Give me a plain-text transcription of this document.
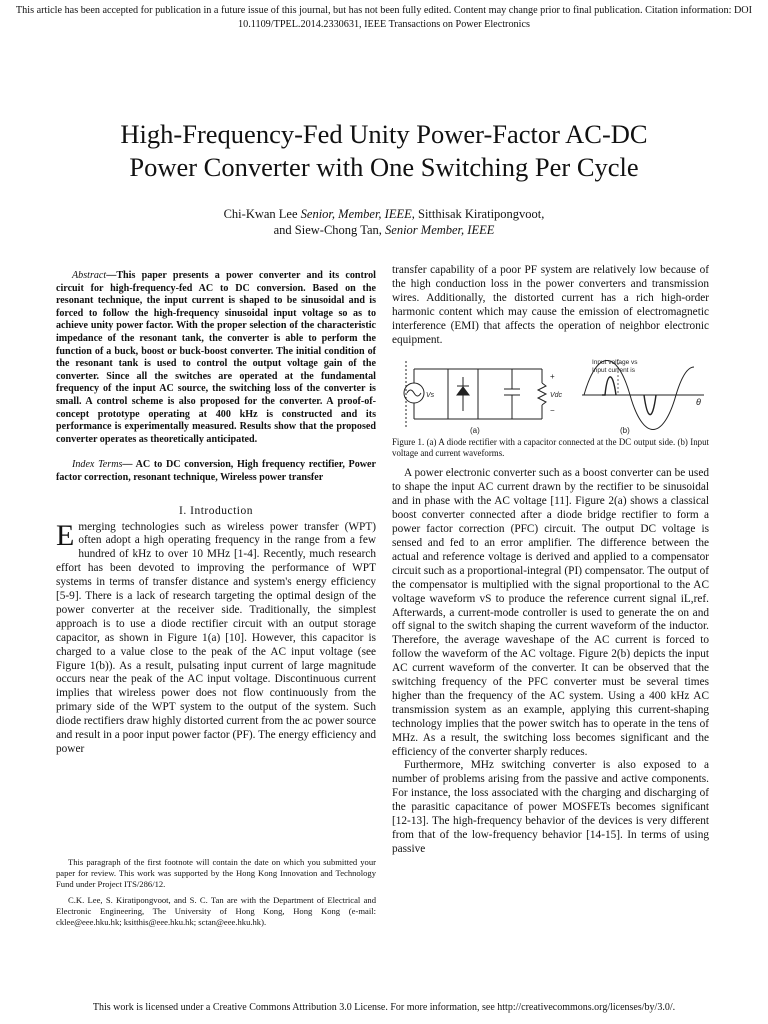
This article has been accepted for publication in a future issue of this journal, but has not been fully edited. Content may change prior to final publication. Citation information: DOI 10.1109/TPEL.2014.2330631, IEEE Transactions on Power Electronics
High-Frequency-Fed Unity Power-Factor AC-DC
Power Converter with One Switching Per Cycle
Chi-Kwan Lee Senior, Member, IEEE, Sitthisak Kiratipongvoot,
and Siew-Chong Tan, Senior Member, IEEE

Abstract—This paper presents a power converter and its control circuit for high-frequency-fed AC to DC conversion. Based on the resonant technique, the input current is shaped to be sinusoidal and is forced to follow the high-frequency sinusoidal input voltage so as to achieve unity power factor. With the proper selection of the characteristic impedance of the resonant tank, the converter is able to perform the function of a buck, boost or buck-boost converter. The initial condition of the resonant tank is used to control the output voltage gain of the converter. Since all the switches are operated at the fundamental frequency of the input AC source, the switching loss of the converter is small. A control scheme is also proposed for the converter. A proof-of-concept prototype operating at 400 kHz is constructed and its performance is experimentally measured. Results show that the proposed converter operates as theoretically anticipated.

Index Terms— AC to DC conversion, High frequency rectifier, Power factor correction, resonant technique, Wireless power transfer

I. Introduction

Emerging technologies such as wireless power transfer (WPT) often adopt a high operating frequency in the range from a few hundred of kHz to over 10 MHz [1-4]. Recently, much research effort has been devoted to improving the performance of WPT systems in terms of transfer distance and system's energy efficiency [5-9]. There is a lack of research targeting the optimal design of the power converter at the receiver side. Traditionally, the simplest approach is to use a diode rectifier circuit with an output storage capacitor, as shown in Figure 1(a) [10]. However, this capacitor is charged to a value close to the peak of the AC input voltage (see Figure 1(b)). As a result, pulsating input current of large magnitude occurs near the peak of the AC input voltage. Discontinuous current implies that wireless power does not flow continuously from the primary side of the WPT system to the output of the system. Such diode rectifiers draw highly distorted current from the ac power source and result in a poor input power factor (PF). The energy efficiency and power

This paragraph of the first footnote will contain the date on which you submitted your paper for review. This work was supported by the Hong Kong Innovation and Technology Fund under Project ITS/286/12.

C.K. Lee, S. Kiratipongvoot, and S. C. Tan are with the Department of Electrical and Electronic Engineering, The University of Hong Kong, Hong Kong (e-mail: cklee@eee.hku.hk; ksitthis@eee.hku.hk; sctan@eee.hku.hk).

transfer capability of a poor PF system are relatively low because of the high conduction loss in the power converters and transmission wires. Additionally, the distorted current has a rich high-order harmonic content which may cause the emission of electromagnetic interference (EMI) that affects the operation of neighbor electronic equipment.

Vs
+
Vdc
−
(a)
Input voltage vs
Input current is
θ
(b)

Figure 1. (a) A diode rectifier with a capacitor connected at the DC output side. (b) Input voltage and current waveforms.

A power electronic converter such as a boost converter can be used to shape the input AC current drawn by the rectifier to be sinusoidal and in phase with the AC voltage [11]. Figure 2(a) shows a classical boost converter connected after a diode bridge rectifier to form a power factor correction (PFC) circuit. The output DC voltage is sensed and fed to an error amplifier. The difference between the actual and reference voltage is derived and applied to a compensator circuit such as a proportional-integral (PI) compensator. The output of the compensator is multiplied with the signal proportional to the AC voltage waveform vS to produce the reference current signal iL,ref. Afterwards, a current-mode controller is used to generate the on and off signal to the switch shaping the current waveform of the inductor. Therefore, the average waveshape of the AC current is forced to follow the waveform of the AC voltage. Figure 2(b) depicts the input AC current waveform of the converter. It can be observed that the switching frequency of the PFC converter must be several times higher than the frequency of the AC system. Using a 400 kHz AC transmission system as an example, applying this current-shaping technology implies that the power switch has to operate in the tens of MHz. As a result, the switching loss becomes significant and the efficiency of the converter sharply reduces.

Furthermore, MHz switching converter is also exposed to a number of problems arising from the passive and active components. For instance, the loss associated with the charging and discharging of the parasitic capacitance of power MOSFETs becomes significant [12-13]. The high-frequency behavior of the devices is very different from that of the low-frequency behavior [14-15]. In terms of using passive

This work is licensed under a Creative Commons Attribution 3.0 License. For more information, see http://creativecommons.org/licenses/by/3.0/.
